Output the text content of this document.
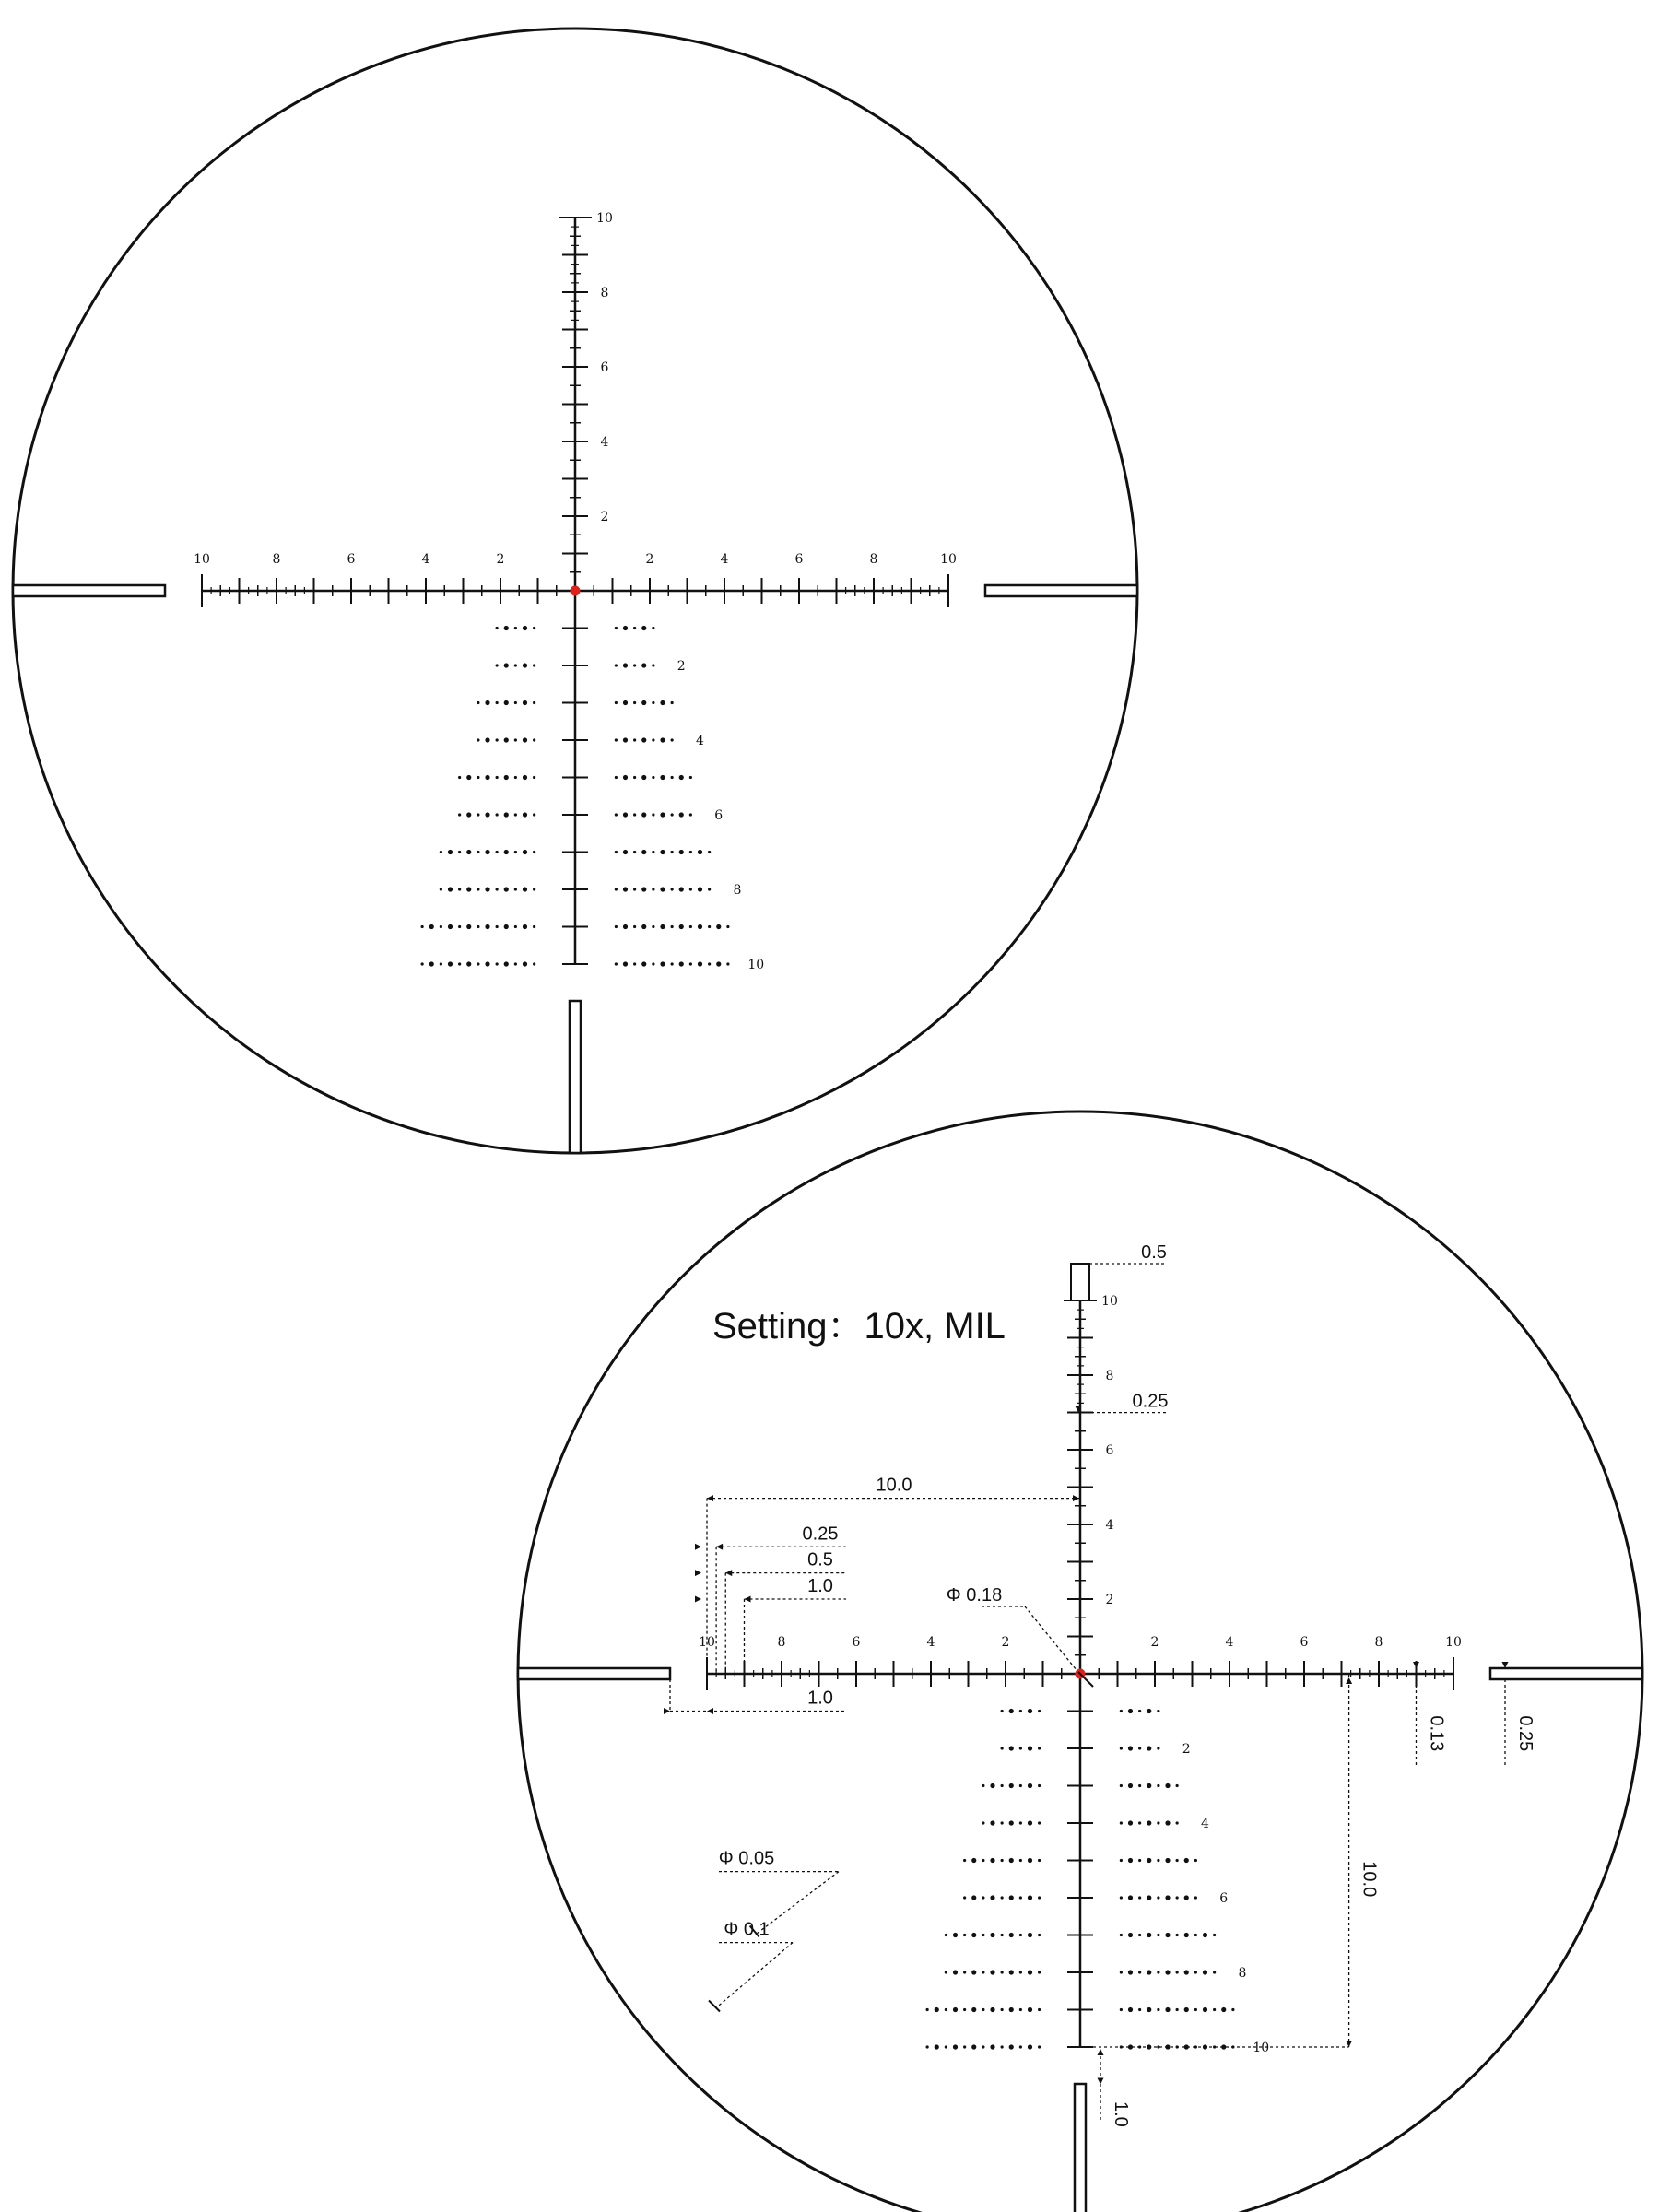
10	8	6	4	2	2	4	6	8	10
10
8
6
4
2
2
4
6
8
10
10	8	6	4	2	2	4	6	8	10
10
8
6
4
2
2
4
6
8
10
Setting：10x, MIL
0.5
0.25
10.0
0.25
0.5
1.0	Φ 0.18
1.0
0.13	0.25
10.0
Φ 0.05
Φ 0.1
1.0
